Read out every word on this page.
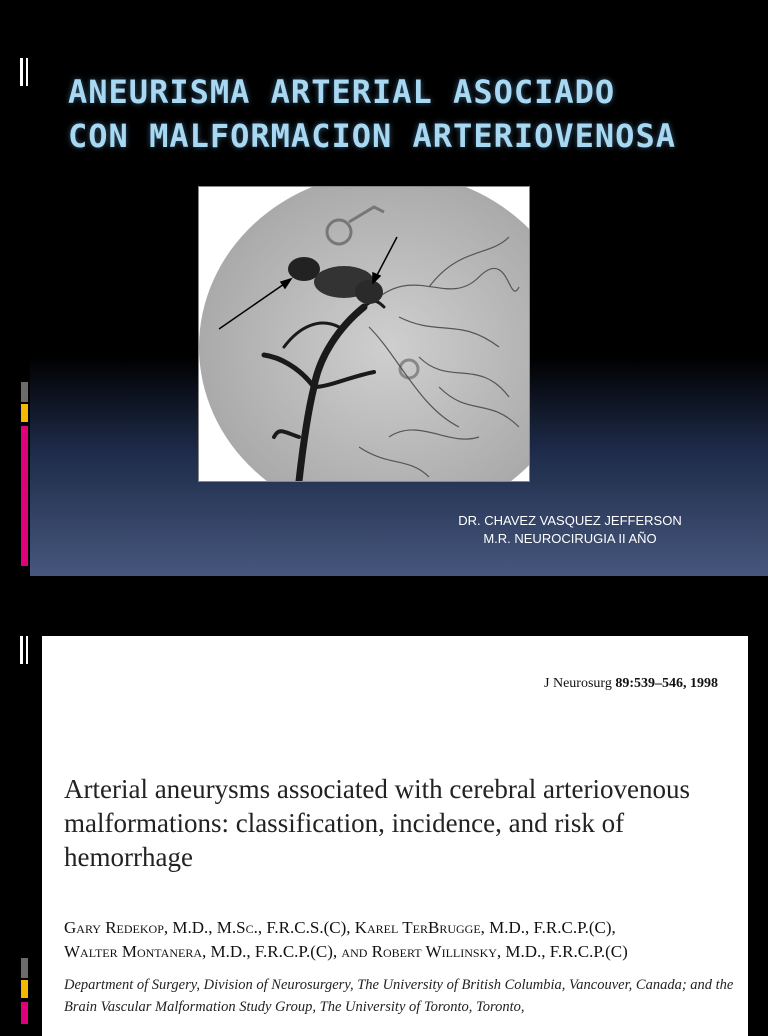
ANEURISMA ARTERIAL ASOCIADO
CON MALFORMACION ARTERIOVENOSA
DR. CHAVEZ VASQUEZ JEFFERSON
M.R. NEUROCIRUGIA II AÑO
J Neurosurg 89:539–546, 1998
Arterial aneurysms associated with cerebral arteriovenous malformations: classification, incidence, and risk of hemorrhage
Gary Redekop, M.D., M.Sc., F.R.C.S.(C), Karel TerBrugge, M.D., F.R.C.P.(C),
Walter Montanera, M.D., F.R.C.P.(C), and Robert Willinsky, M.D., F.R.C.P.(C)
Department of Surgery, Division of Neurosurgery, The University of British Columbia, Vancouver, Canada; and the Brain Vascular Malformation Study Group, The University of Toronto, Toronto,
